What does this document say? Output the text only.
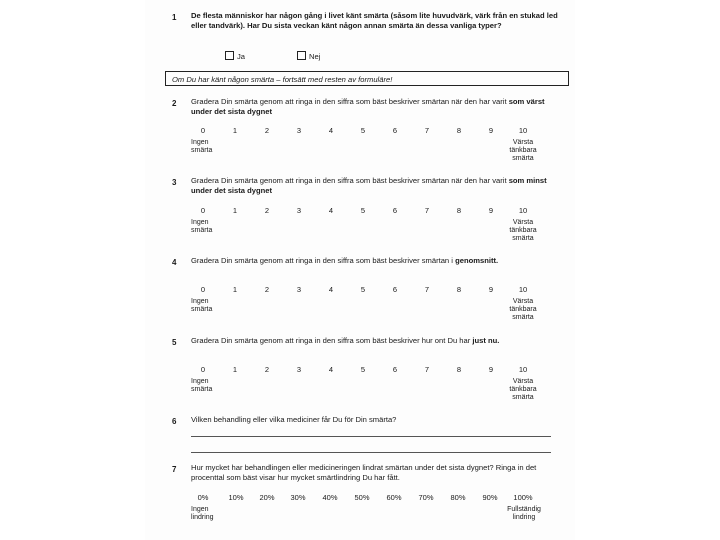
1 De flesta människor har någon gång i livet känt smärta (såsom lite huvudvärk, värk från en stukad led eller tandvärk). Har Du sista veckan känt någon annan smärta än dessa vanliga typer?
Ja	Nej
Om Du har känt någon smärta – fortsätt med resten av formuläre!
2 Gradera Din smärta genom att ringa in den siffra som bäst beskriver smärtan när den har varit som värst under det sista dygnet
0	1	2	3	4	5	6	7	8	9	10
Ingen smärta
Värsta tänkbara smärta
3 Gradera Din smärta genom att ringa in den siffra som bäst beskriver smärtan när den har varit som minst under det sista dygnet
0	1	2	3	4	5	6	7	8	9	10
Ingen smärta
Värsta tänkbara smärta
4 Gradera Din smärta genom att ringa in den siffra som bäst beskriver smärtan i genomsnitt.
0	1	2	3	4	5	6	7	8	9	10
Ingen smärta
Värsta tänkbara smärta
5 Gradera Din smärta genom att ringa in den siffra som bäst beskriver hur ont Du har just nu.
0	1	2	3	4	5	6	7	8	9	10
Ingen smärta
Värsta tänkbara smärta
6 Vilken behandling eller vilka mediciner får Du för Din smärta?
7 Hur mycket har behandlingen eller medicineringen lindrat smärtan under det sista dygnet? Ringa in det procenttal som bäst visar hur mycket smärtlindring Du har fått.
0%	10%	20%	30%	40%	50%	60%	70%	80%	90%	100%
Ingen lindring
Fullständig lindring
